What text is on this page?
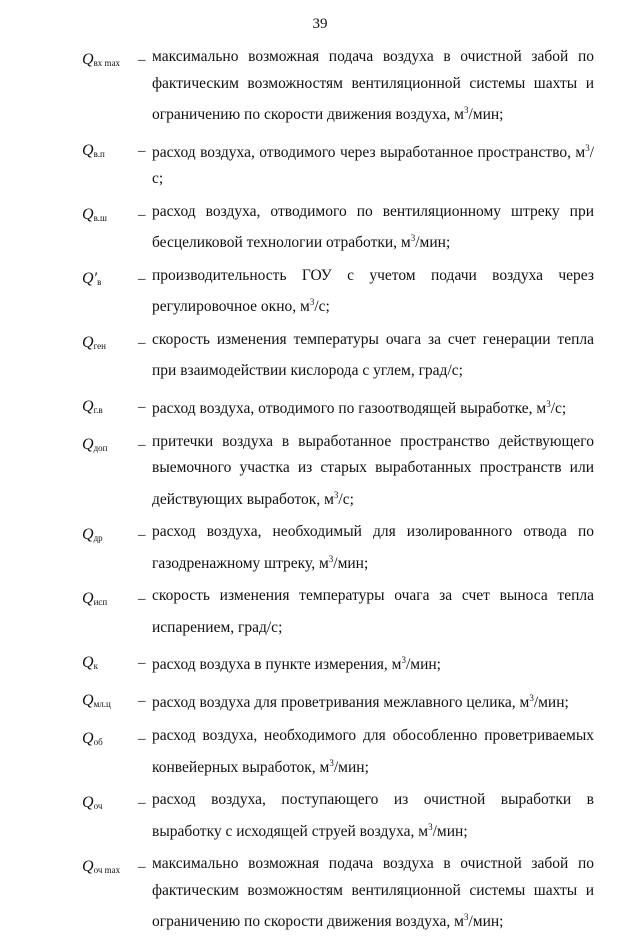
39
$Q_{вх max}$	– максимально возможная подача воздуха в очистной забой по фактическим возможностям вентиляционной системы шахты и ограничению по скорости движения воздуха, $м^3$/мин;
$Q_{в.п}$	– расход воздуха, отводимого через выработанное пространство, $м^3/с$;
$Q_{в.ш}$	– расход воздуха, отводимого по вентиляционному штреку при бесцеликовой технологии отработки, $м^3$/мин;
$Q'_в$	– производительность ГОУ с учетом подачи воздуха через регулировочное окно, $м^3/с$;
$Q_{ген}$	– скорость изменения температуры очага за счет генерации тепла при взаимодействии кислорода с углем, град/с;
$Q_{г.в}$	– расход воздуха, отводимого по газоотводящей выработке, $м^3/с$;
$Q_{доп}$	– притечки воздуха в выработанное пространство действующего выемочного участка из старых выработанных пространств или действующих выработок, $м^3/с$;
$Q_{др}$	– расход воздуха, необходимый для изолированного отвода по газодренажному штреку, $м^3$/мин;
$Q_{исп}$	– скорость изменения температуры очага за счет выноса тепла испарением, град/с;
$Q_к$	– расход воздуха в пункте измерения, $м^3$/мин;
$Q_{мл.ц}$	– расход воздуха для проветривания межлавного целика, $м^3$/мин;
$Q_{об}$	– расход воздуха, необходимого для обособленно проветриваемых конвейерных выработок, $м^3$/мин;
$Q_{оч}$	– расход воздуха, поступающего из очистной выработки в выработку с исходящей струей воздуха, $м^3$/мин;
$Q_{оч max}$	– максимально возможная подача воздуха в очистной забой по фактическим возможностям вентиляционной системы шахты и ограничению по скорости движения воздуха, $м^3$/мин;
